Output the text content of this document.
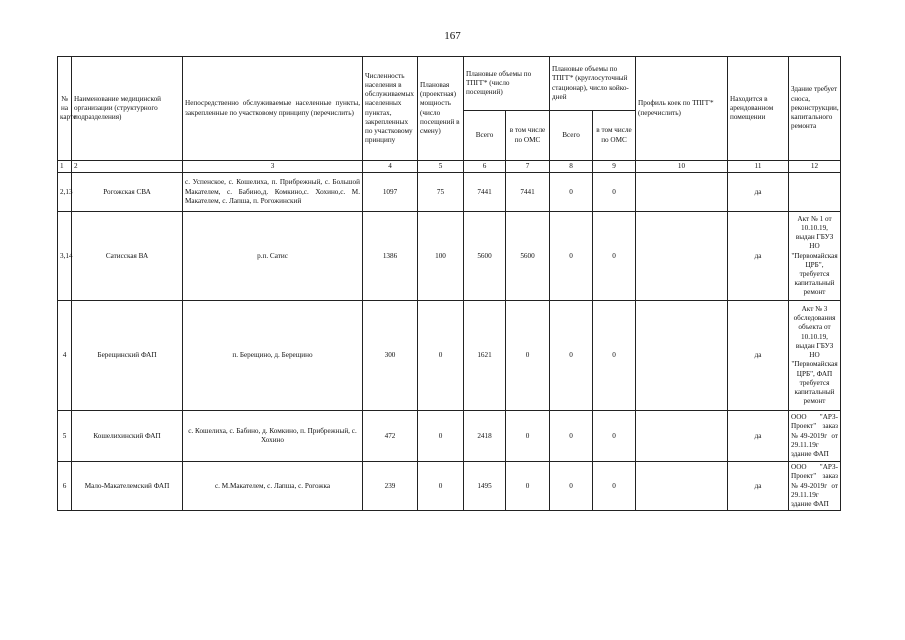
167
№ на карте	Наименование медицинской организации (структурного подразделения)	Непосредственно обслуживаемые населенные пункты, закрепленные по участковому принципу (перечислить)	Численность населения в обслуживаемых населенных пунктах, закрепленных по участковому принципу	Плановая (проектная) мощность (число посещений в смену)	Плановые объемы по ТПГГ* (число посещений)		Плановые объемы по ТПГГ* (круглосуточный стационар), число койко-дней		Профиль коек по ТПГГ* (перечислить)	Находится в арендованном помещении	Здание требует сноса, реконструкции, капитального ремонта
					Всего	в том числе по ОМС	Всего	в том числе по ОМС			
1	2	3	4	5	6	7	8	9	10	11	12
2,13	Рогожская СВА	с. Успенское, с. Кошелиха, п. Прибрежный, с. Большой Макателем, с. Бабино,д. Комкино,с. Хохино,с. М. Макателем, с. Лапша, п. Рогожинский	1097	75	7441	7441	0	0		да	
3,14	Сатисская ВА	р.п. Сатис	1386	100	5600	5600	0	0		да	Акт № 1 от 10.10.19, выдан ГБУЗ НО "Первомайская ЦРБ", требуется капитальный ремонт
4	Берещинский ФАП	п. Берещино, д. Берещино	300	0	1621	0	0	0		да	Акт № 3 обследования объекта от 10.10.19, выдан ГБУЗ НО "Первомайская ЦРБ", ФАП требуется капитальный ремонт
5	Кошелихинский ФАП	с. Кошелиха, с. Бабино, д. Комкино, п. Прибрежный, с. Хохино	472	0	2418	0	0	0		да	ООО "АРЗ-Проект" заказ №49-2019г от 29.11.19г здание ФАП
6	Мало-Макателемский ФАП	с. М.Макателем, с. Лапша, с. Рогожка	239	0	1495	0	0	0		да	ООО "АРЗ-Проект" заказ №49-2019г от 29.11.19г здание ФАП
